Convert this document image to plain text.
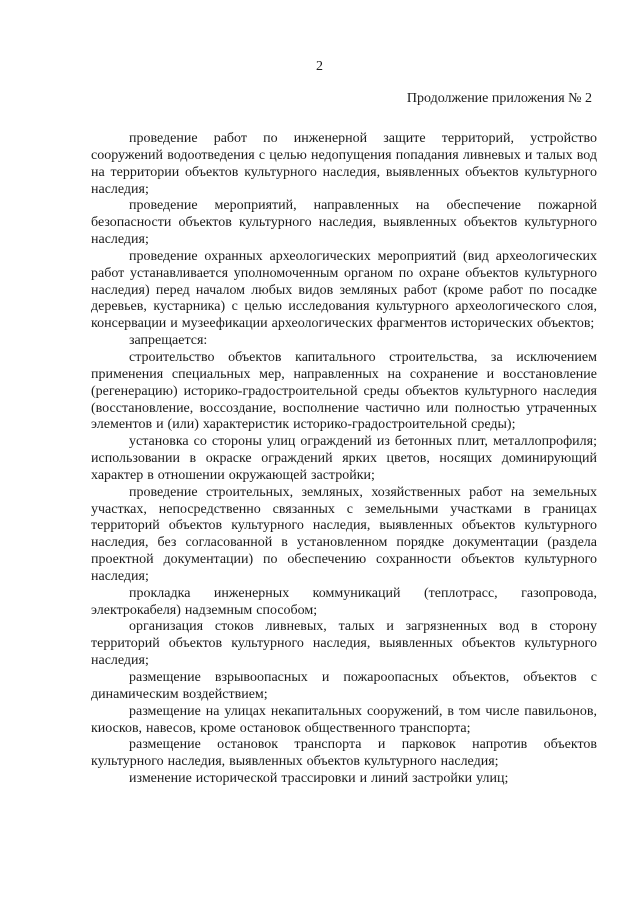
2
Продолжение приложения № 2

проведение работ по инженерной защите территорий, устройство сооружений водоотведения с целью недопущения попадания ливневых и талых вод на территории объектов культурного наследия, выявленных объектов культурного наследия;

проведение мероприятий, направленных на обеспечение пожарной безопасности объектов культурного наследия, выявленных объектов культурного наследия;

проведение охранных археологических мероприятий (вид археологических работ устанавливается уполномоченным органом по охране объектов культурного наследия) перед началом любых видов земляных работ (кроме работ по посадке деревьев, кустарника) с целью исследования культурного археологического слоя, консервации и музеефикации археологических фрагментов исторических объектов;

запрещается:

строительство объектов капитального строительства, за исключением применения специальных мер, направленных на сохранение и восстановление (регенерацию) историко-градостроительной среды объектов культурного наследия (восстановление, воссоздание, восполнение частично или полностью утраченных элементов и (или) характеристик историко-градостроительной среды);

установка со стороны улиц ограждений из бетонных плит, металлопрофиля; использовании в окраске ограждений ярких цветов, носящих доминирующий характер в отношении окружающей застройки;

проведение строительных, земляных, хозяйственных работ на земельных участках, непосредственно связанных с земельными участками в границах территорий объектов культурного наследия, выявленных объектов культурного наследия, без согласованной в установленном порядке документации (раздела проектной документации) по обеспечению сохранности объектов культурного наследия;

прокладка инженерных коммуникаций (теплотрасс, газопровода, электрокабеля) надземным способом;

организация стоков ливневых, талых и загрязненных вод в сторону территорий объектов культурного наследия, выявленных объектов культурного наследия;

размещение взрывоопасных и пожароопасных объектов, объектов с динамическим воздействием;

размещение на улицах некапитальных сооружений, в том числе павильонов, киосков, навесов, кроме остановок общественного транспорта;

размещение остановок транспорта и парковок напротив объектов культурного наследия, выявленных объектов культурного наследия;

изменение исторической трассировки и линий застройки улиц;
